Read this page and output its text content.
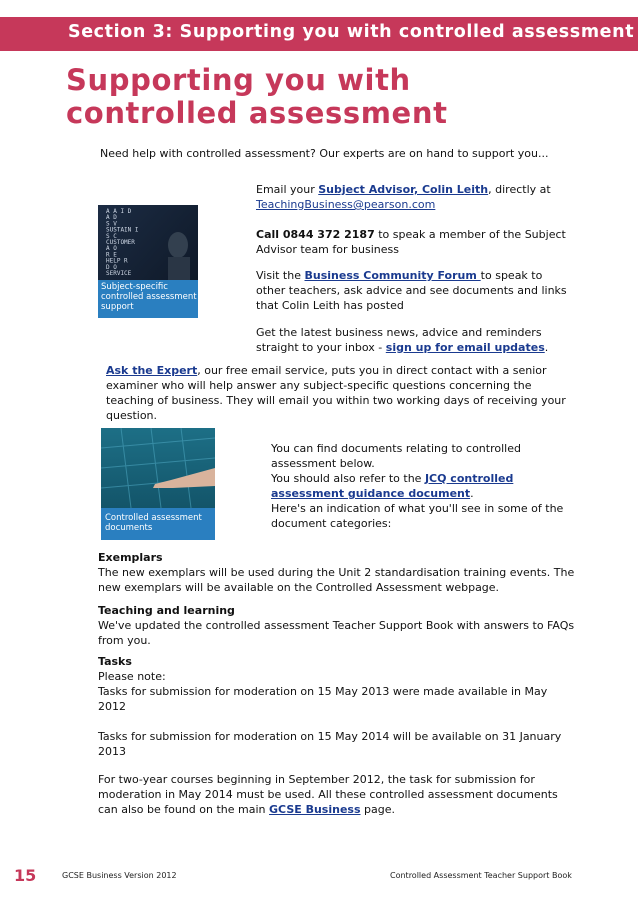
Section 3: Supporting you with controlled assessment
Supporting you with controlled assessment

Need help with controlled assessment? Our experts are on hand to support you...

A A I D
A D
S V
SUSTAIN I
S C
CUSTOMER
A O
R E
HELP R
D O
SERVICE
Subject-specific controlled assessment support

Email your Subject Advisor, Colin Leith, directly at
TeachingBusiness@pearson.com

Call 0844 372 2187 to speak a member of the Subject Advisor team for business

Visit the Business Community Forum to speak to other teachers, ask advice and see documents and links that Colin Leith has posted

Get the latest business news, advice and reminders straight to your inbox - sign up for email updates.

Ask the Expert, our free email service, puts you in direct contact with a senior examiner who will help answer any subject-specific questions concerning the teaching of business. They will email you within two working days of receiving your question.

Controlled assessment documents

You can find documents relating to controlled assessment below.

You should also refer to the JCQ controlled assessment guidance document.

Here's an indication of what you'll see in some of the document categories:

Exemplars
The new exemplars will be used during the Unit 2 standardisation training events. The new exemplars will be available on the Controlled Assessment webpage.

Teaching and learning
We've updated the controlled assessment Teacher Support Book with answers to FAQs from you.

Tasks
Please note:

Tasks for submission for moderation on 15 May 2013 were made available in May 2012

Tasks for submission for moderation on 15 May 2014 will be available on 31 January 2013

For two-year courses beginning in September 2012, the task for submission for moderation in May 2014 must be used. All these controlled assessment documents can also be found on the main GCSE Business page.

15	GCSE Business Version 2012	Controlled Assessment Teacher Support Book
